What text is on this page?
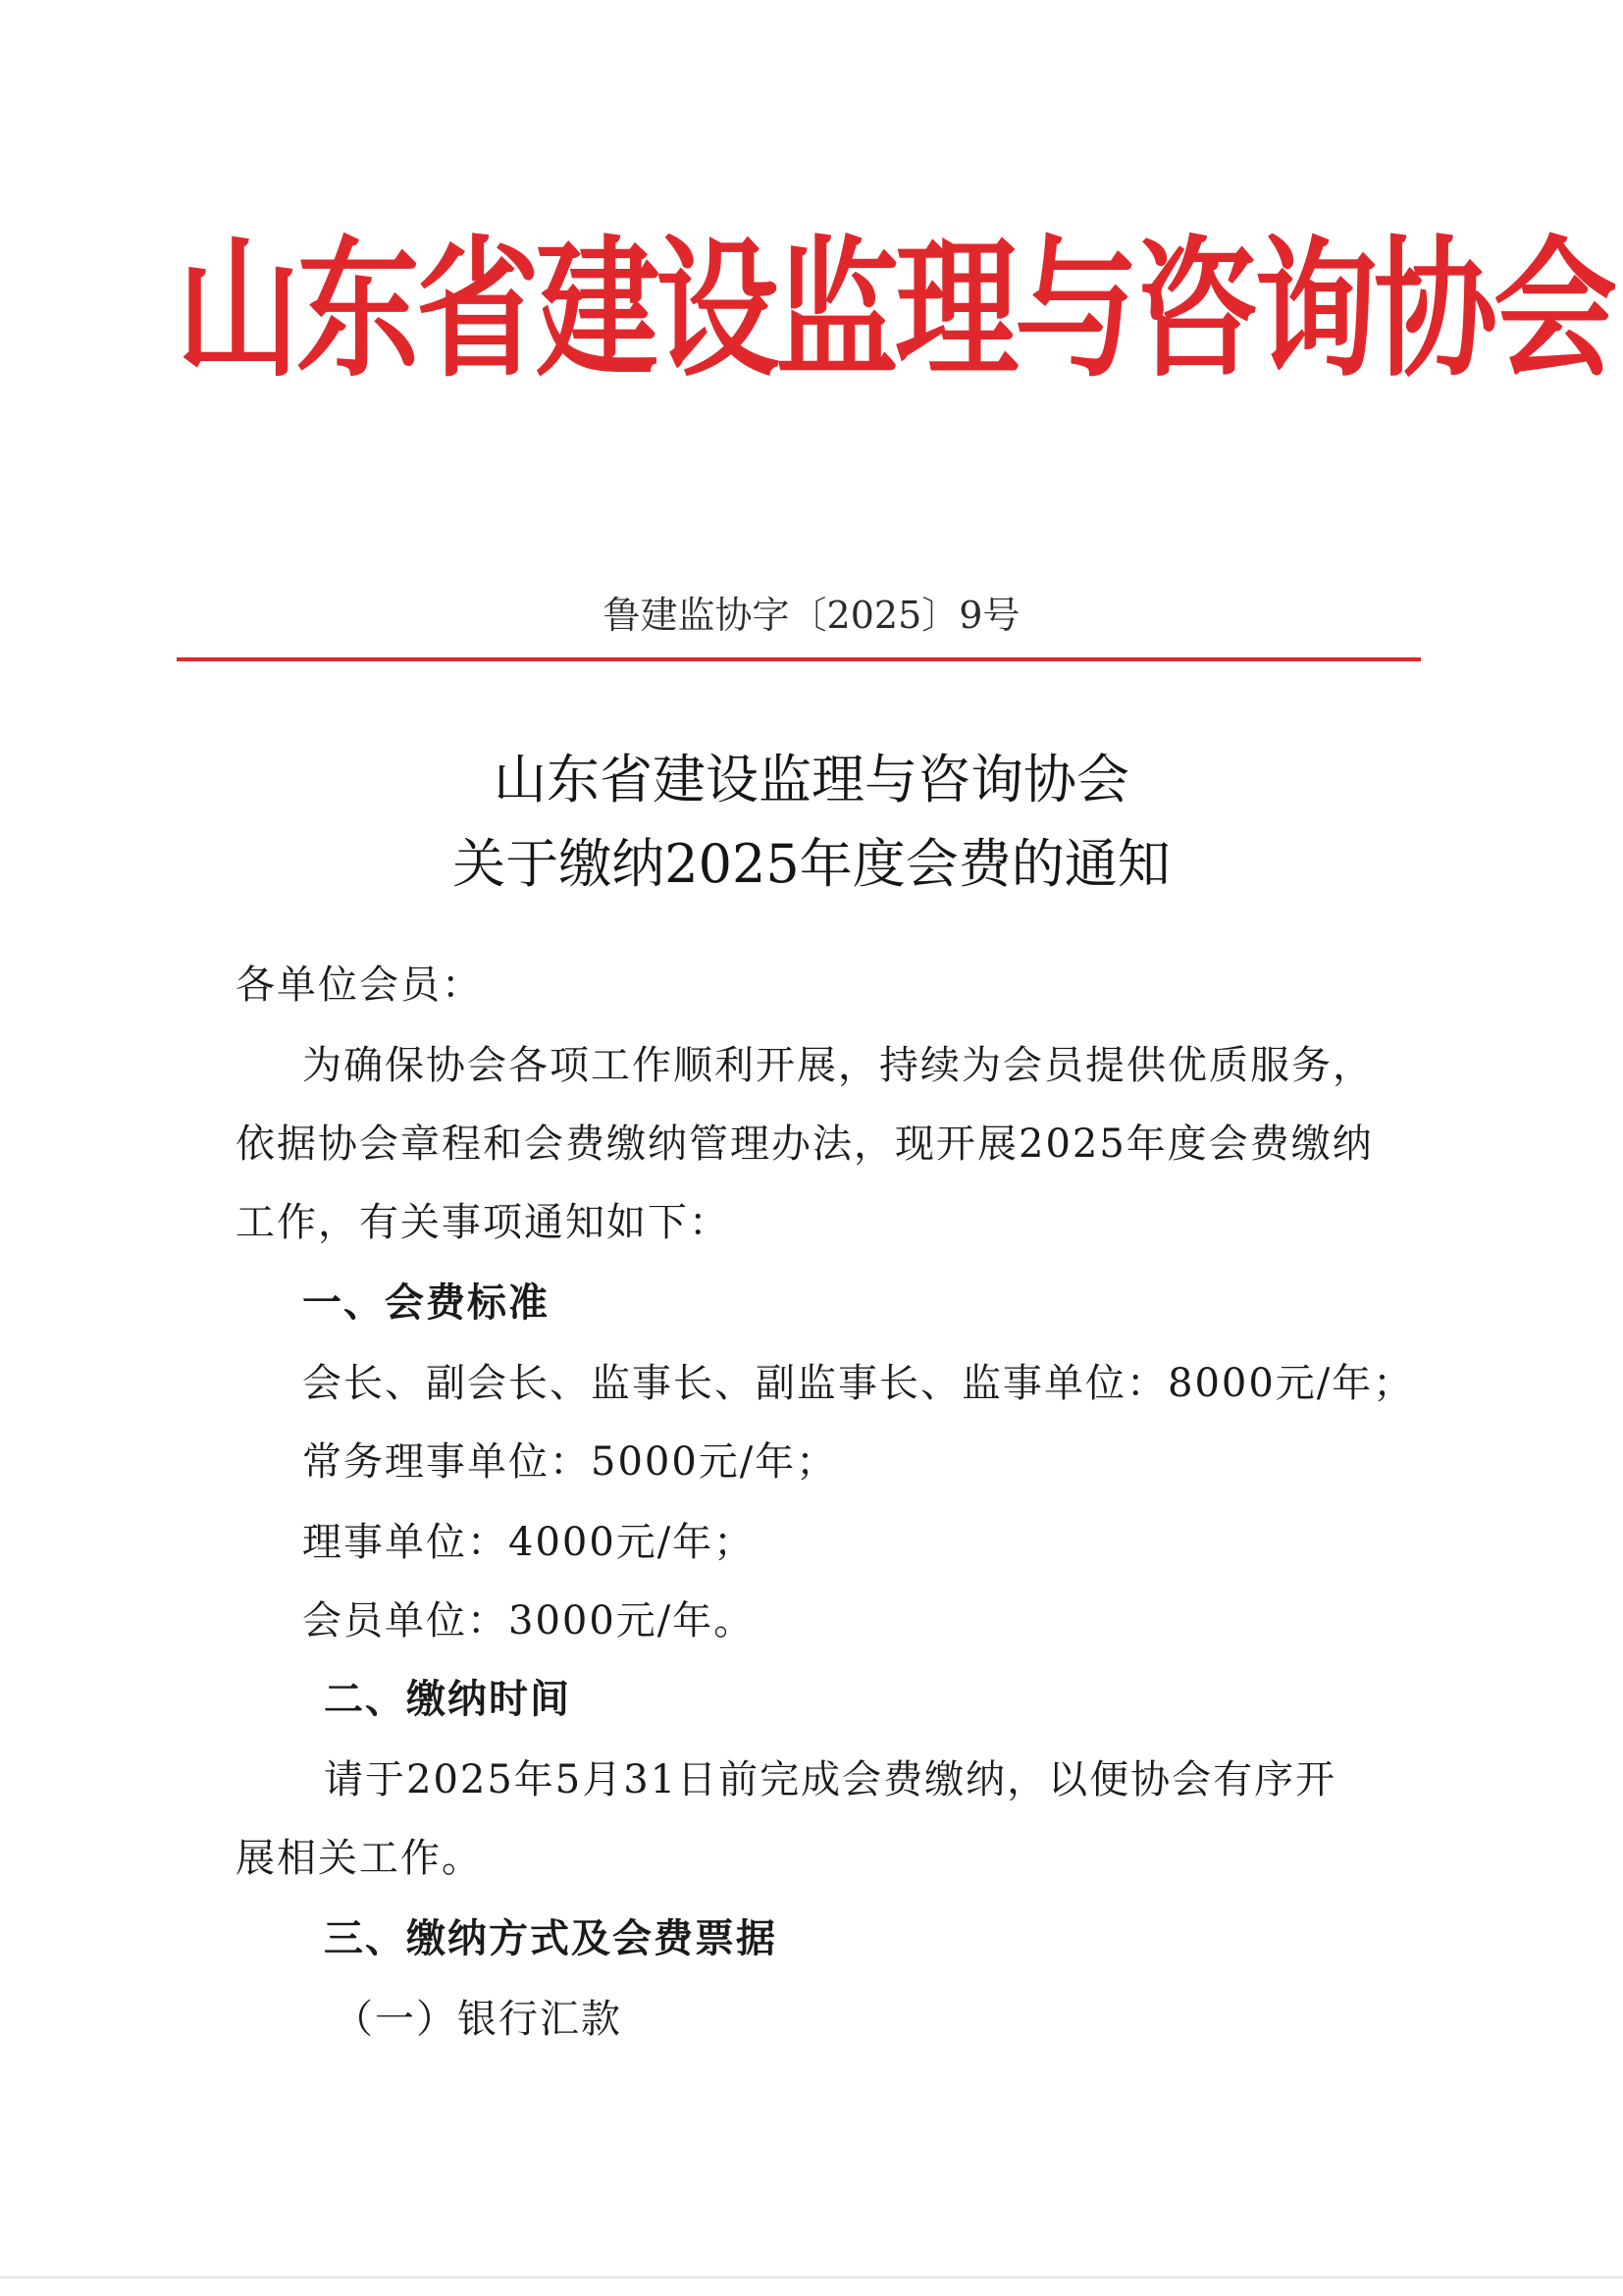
山东省建设监理与咨询协会
鲁建监协字〔2025〕9号
山东省建设监理与咨询协会
关于缴纳2025年度会费的通知
各单位会员：
为确保协会各项工作顺利开展，持续为会员提供优质服务，
依据协会章程和会费缴纳管理办法，现开展2025年度会费缴纳
工作，有关事项通知如下：
一、会费标准
会长、副会长、监事长、副监事长、监事单位：8000元/年；
常务理事单位：5000元/年；
理事单位：4000元/年；
会员单位：3000元/年。
二、缴纳时间
请于2025年5月31日前完成会费缴纳，以便协会有序开
展相关工作。
三、缴纳方式及会费票据
（一）银行汇款
